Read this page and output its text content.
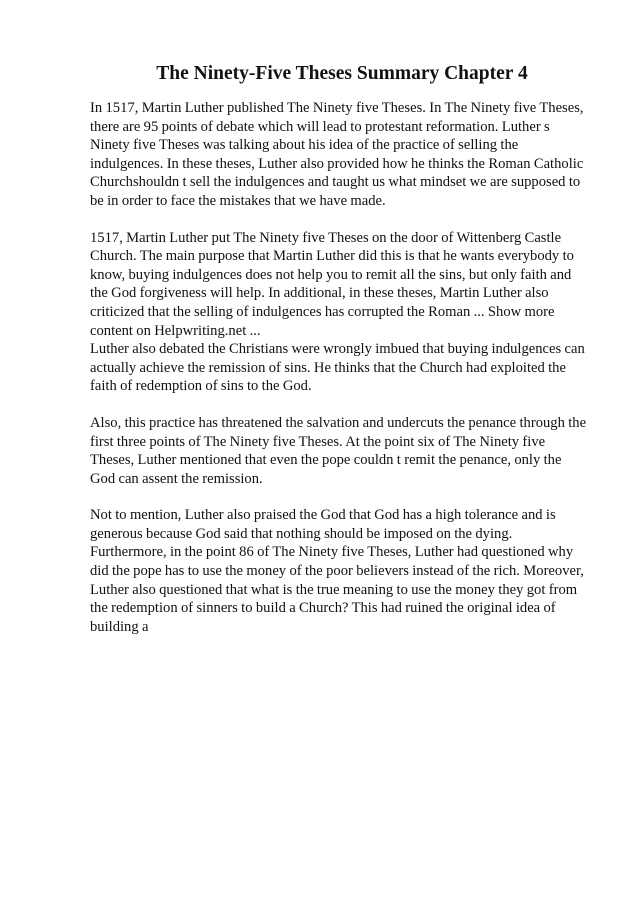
The Ninety-Five Theses Summary Chapter 4

In 1517, Martin Luther published The Ninety five Theses. In The Ninety five Theses,
there are 95 points of debate which will lead to protestant reformation. Luther s
Ninety five Theses was talking about his idea of the practice of selling the
indulgences. In these theses, Luther also provided how he thinks the Roman Catholic
Churchshouldn t sell the indulgences and taught us what mindset we are supposed to
be in order to face the mistakes that we have made.

1517, Martin Luther put The Ninety five Theses on the door of Wittenberg Castle
Church. The main purpose that Martin Luther did this is that he wants everybody to
know, buying indulgences does not help you to remit all the sins, but only faith and
the God forgiveness will help. In additional, in these theses, Martin Luther also
criticized that the selling of indulgences has corrupted the Roman ... Show more
content on Helpwriting.net ...

Luther also debated the Christians were wrongly imbued that buying indulgences can
actually achieve the remission of sins. He thinks that the Church had exploited the
faith of redemption of sins to the God.

Also, this practice has threatened the salvation and undercuts the penance through the
first three points of The Ninety five Theses. At the point six of The Ninety five
Theses, Luther mentioned that even the pope couldn t remit the penance, only the
God can assent the remission.

Not to mention, Luther also praised the God that God has a high tolerance and is
generous because God said that nothing should be imposed on the dying.
Furthermore, in the point 86 of The Ninety five Theses, Luther had questioned why
did the pope has to use the money of the poor believers instead of the rich. Moreover,
Luther also questioned that what is the true meaning to use the money they got from
the redemption of sinners to build a Church? This had ruined the original idea of
building a
